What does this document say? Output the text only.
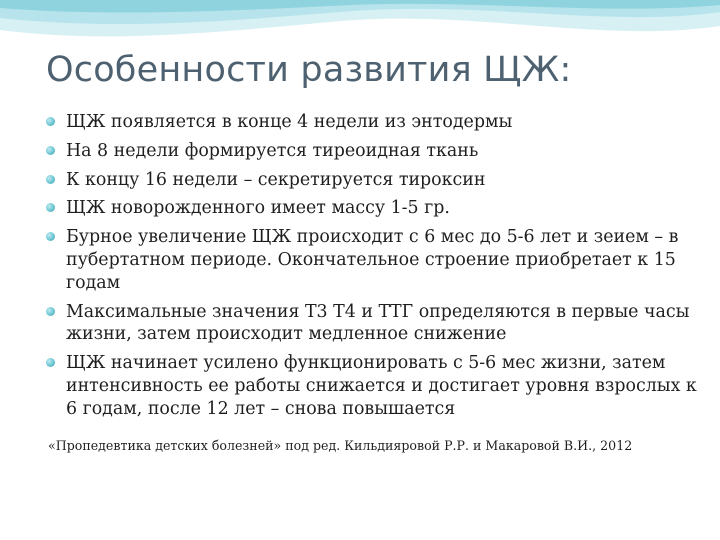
Особенности развития ЩЖ:
ЩЖ появляется в конце 4 недели из энтодермы
На 8 недели формируется тиреоидная ткань
К концу 16 недели – секретируется тироксин
ЩЖ новорожденного имеет массу 1-5 гр.
Бурное увеличение ЩЖ происходит с 6 мес до 5-6 лет и зеием – в пубертатном периоде. Окончательное строение приобретает к 15 годам
Максимальные значения Т3 Т4 и ТТГ определяются в первые часы жизни, затем происходит медленное снижение
ЩЖ начинает усилено функционировать с 5-6 мес жизни, затем интенсивность ее работы снижается и достигает уровня взрослых к 6 годам, после 12 лет – снова повышается
«Пропедевтика детских болезней» под ред. Кильдияровой Р.Р. и Макаровой В.И., 2012
